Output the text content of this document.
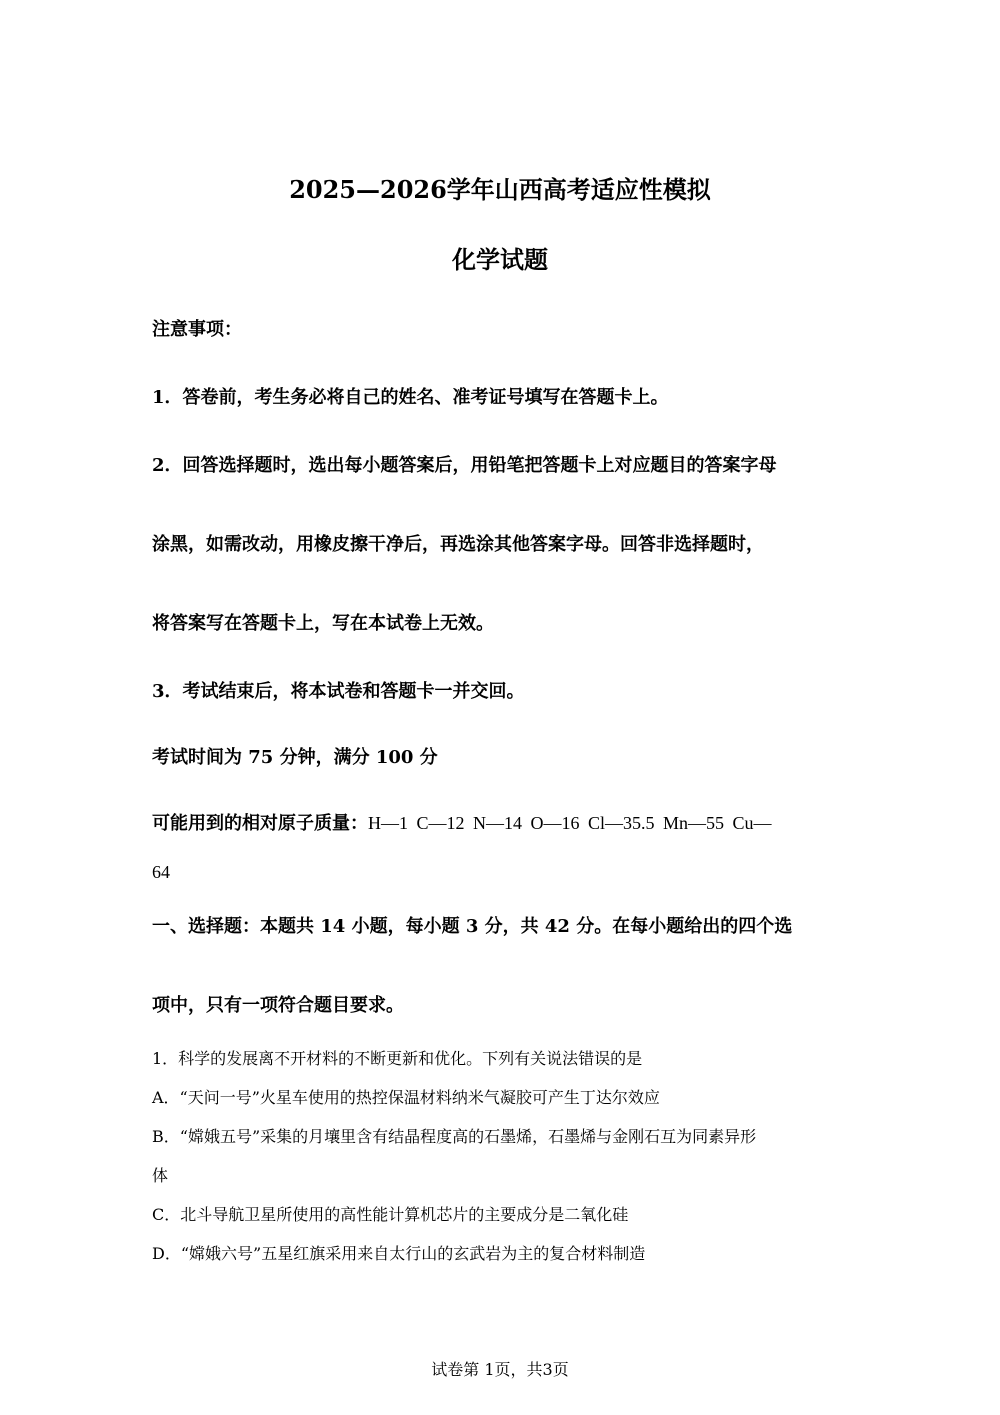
2025—2026学年山西高考适应性模拟
化学试题
注意事项：
1．答卷前，考生务必将自己的姓名、准考证号填写在答题卡上。
2．回答选择题时，选出每小题答案后，用铅笔把答题卡上对应题目的答案字母
涂黑，如需改动，用橡皮擦干净后，再选涂其他答案字母。回答非选择题时，
将答案写在答题卡上，写在本试卷上无效。
3．考试结束后，将本试卷和答题卡一并交回。
考试时间为 75 分钟，满分 100 分
可能用到的相对原子质量：H—1 C—12 N—14 O—16 Cl—35.5 Mn—55 Cu—
64
一、选择题：本题共 14 小题，每小题 3 分，共 42 分。在每小题给出的四个选
项中，只有一项符合题目要求。
1．科学的发展离不开材料的不断更新和优化。下列有关说法错误的是
A．“天问一号”火星车使用的热控保温材料纳米气凝胶可产生丁达尔效应
B．“嫦娥五号”采集的月壤里含有结晶程度高的石墨烯，石墨烯与金刚石互为同素异形
体
C．北斗导航卫星所使用的高性能计算机芯片的主要成分是二氧化硅
D．“嫦娥六号”五星红旗采用来自太行山的玄武岩为主的复合材料制造
试卷第 1页，共3页
